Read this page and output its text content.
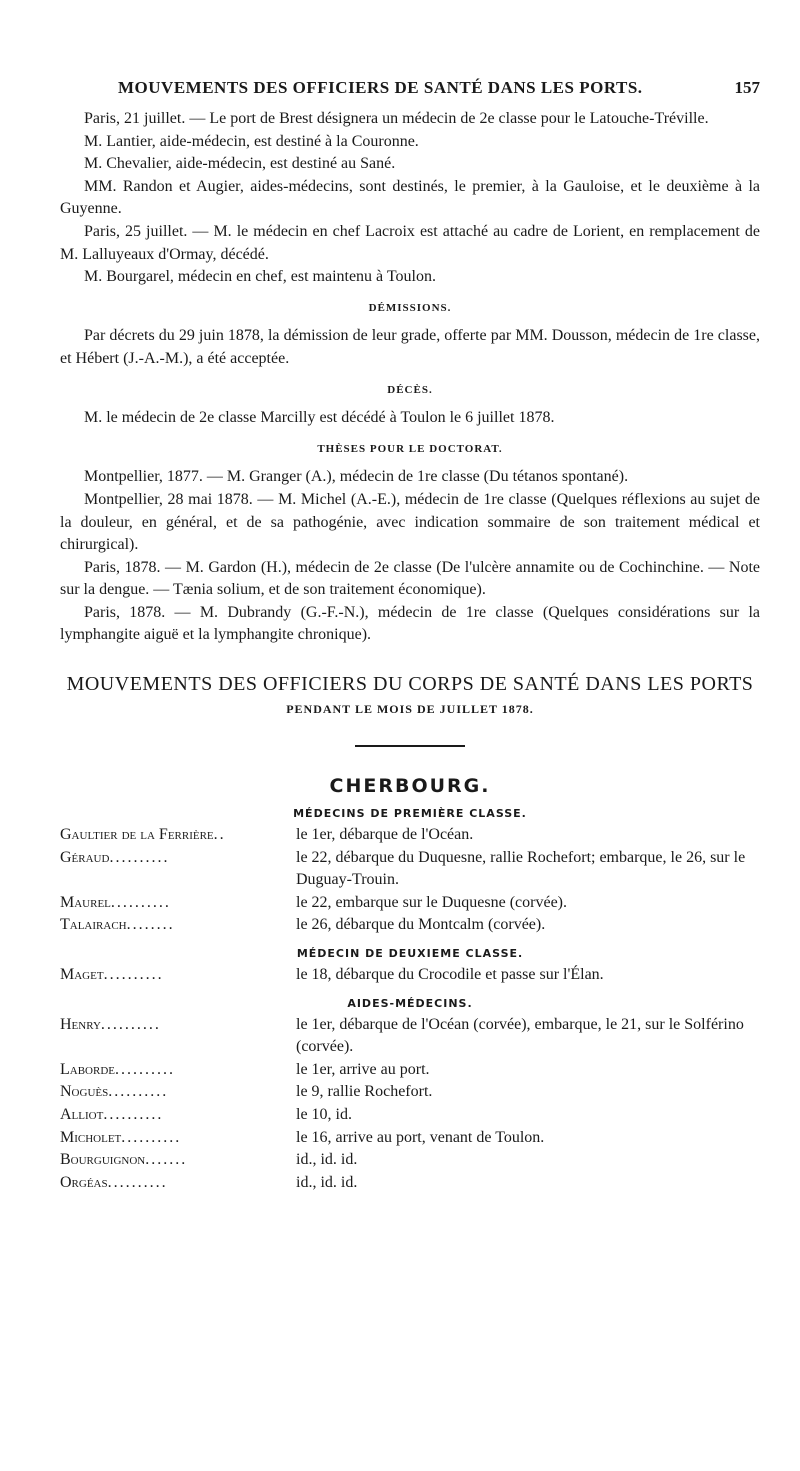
MOUVEMENTS DES OFFICIERS DE SANTÉ DANS LES PORTS.	157

Paris, 21 juillet. — Le port de Brest désignera un médecin de 2e classe pour le Latouche-Tréville.

M. Lantier, aide-médecin, est destiné à la Couronne.

M. Chevalier, aide-médecin, est destiné au Sané.

MM. Randon et Augier, aides-médecins, sont destinés, le premier, à la Gauloise, et le deuxième à la Guyenne.

Paris, 25 juillet. — M. le médecin en chef Lacroix est attaché au cadre de Lorient, en remplacement de M. Lalluyeaux d'Ormay, décédé.

M. Bourgarel, médecin en chef, est maintenu à Toulon.

DÉMISSIONS.

Par décrets du 29 juin 1878, la démission de leur grade, offerte par MM. Dousson, médecin de 1re classe, et Hébert (J.-A.-M.), a été acceptée.

DÉCÈS.

M. le médecin de 2e classe Marcilly est décédé à Toulon le 6 juillet 1878.

THÈSES POUR LE DOCTORAT.

Montpellier, 1877. — M. Granger (A.), médecin de 1re classe (Du tétanos spontané).

Montpellier, 28 mai 1878. — M. Michel (A.-E.), médecin de 1re classe (Quelques réflexions au sujet de la douleur, en général, et de sa pathogénie, avec indication sommaire de son traitement médical et chirurgical).

Paris, 1878. — M. Gardon (H.), médecin de 2e classe (De l'ulcère annamite ou de Cochinchine. — Note sur la dengue. — Tænia solium, et de son traitement économique).

Paris, 1878. — M. Dubrandy (G.-F.-N.), médecin de 1re classe (Quelques considérations sur la lymphangite aiguë et la lymphangite chronique).

MOUVEMENTS DES OFFICIERS DU CORPS DE SANTÉ DANS LES PORTS
PENDANT LE MOIS DE JUILLET 1878.
CHERBOURG.
MÉDECINS DE PREMIÈRE CLASSE.
Gaultier de la Ferrière..	le 1er, débarque de l'Océan.
Géraud..........	le 22, débarque du Duquesne, rallie Rochefort; embarque, le 26, sur le Duguay-Trouin.
Maurel..........	le 22, embarque sur le Duquesne (corvée).
Talairach........	le 26, débarque du Montcalm (corvée).
MÉDECIN DE DEUXIEME CLASSE.
Maget..........	le 18, débarque du Crocodile et passe sur l'Élan.
AIDES-MÉDECINS.
Henry..........	le 1er, débarque de l'Océan (corvée), embarque, le 21, sur le Solférino (corvée).
Laborde..........	le 1er, arrive au port.
Noguès..........	le 9, rallie Rochefort.
Alliot..........	le 10, id.
Micholet..........	le 16, arrive au port, venant de Toulon.
Bourguignon.......	id., id. id.
Orgéas..........	id., id. id.
